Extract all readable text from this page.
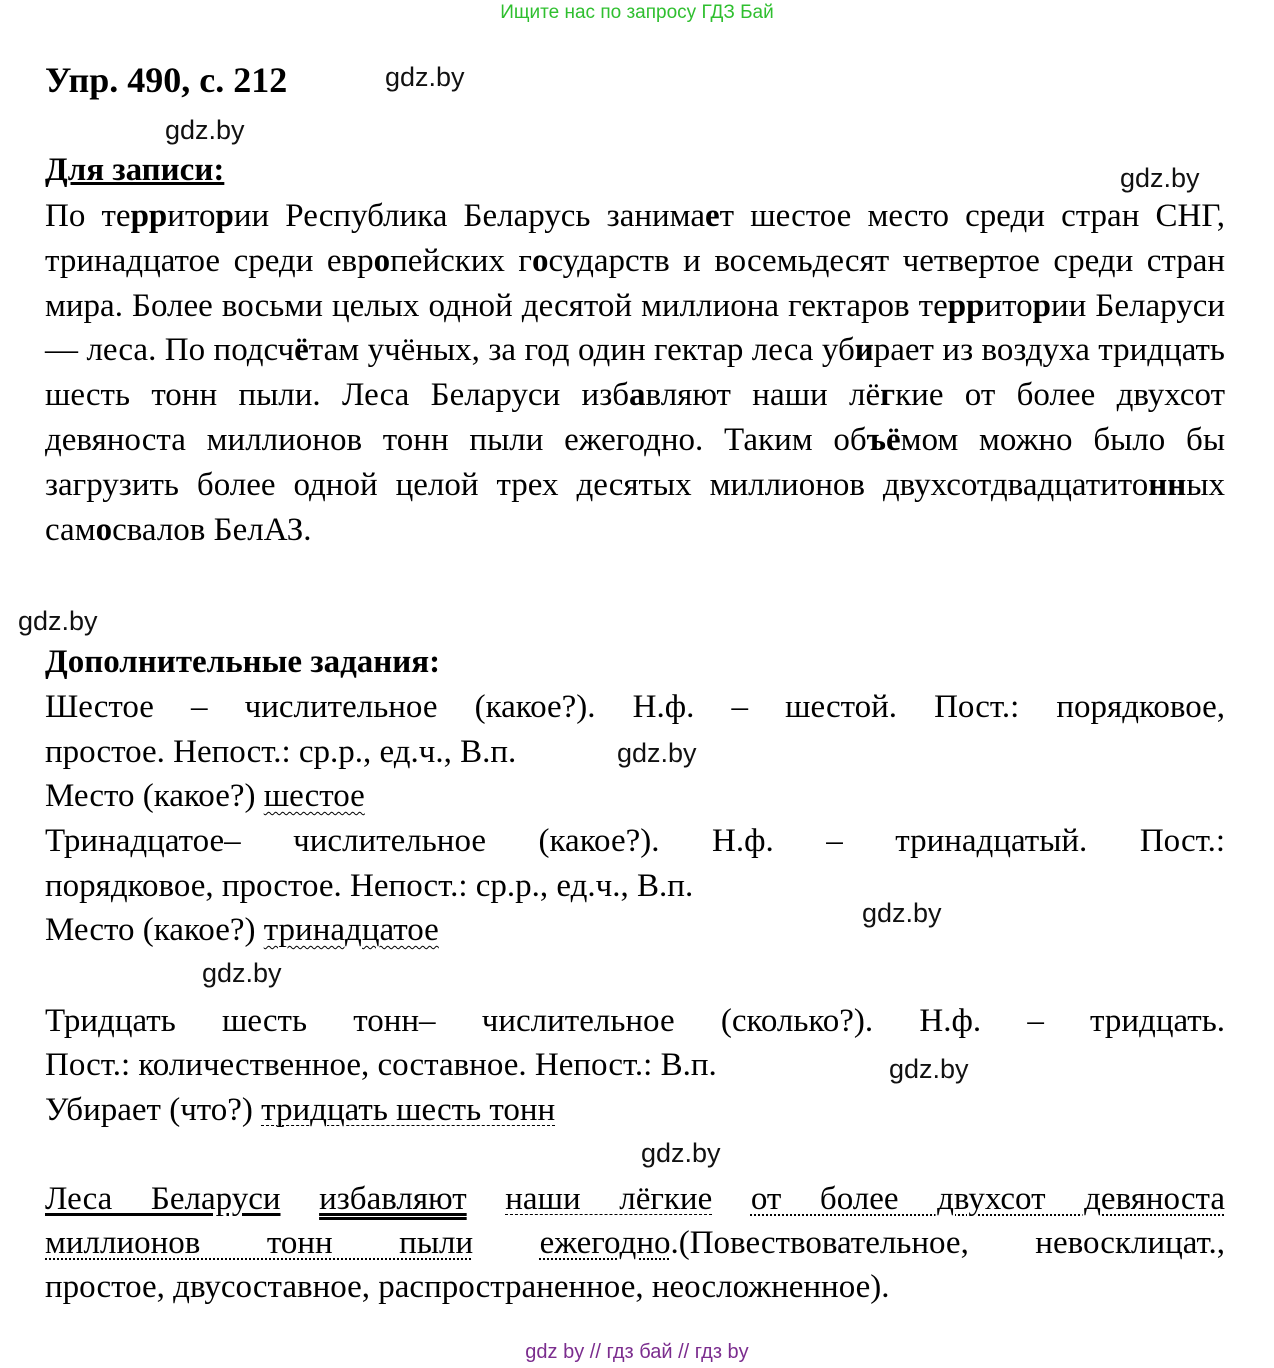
Ищите нас по запросу ГДЗ Бай
Упр. 490, с. 212
Для записи:

По территории Республика Беларусь занимает шестое место среди стран СНГ, тринадцатое среди европейских государств и восемьдесят четвертое среди стран мира. Более восьми целых одной десятой миллиона гектаров территории Беларуси — леса. По подсчётам учёных, за год один гектар леса убирает из воздуха тридцать шесть тонн пыли. Леса Беларуси избавляют наши лёгкие от более двухсот девяноста миллионов тонн пыли ежегодно. Таким объёмом можно было бы загрузить более одной целой трех десятых миллионов двухсотдвадцатитонных самосвалов БелАЗ.

Дополнительные задания:
Шестое – числительное (какое?). Н.ф. – шестой. Пост.: порядковое,
простое. Непост.: ср.р., ед.ч., В.п.
Место (какое?) шестое
Тринадцатое– числительное (какое?). Н.ф. – тринадцатый. Пост.:
порядковое, простое. Непост.: ср.р., ед.ч., В.п.
Место (какое?) тринадцатое
Тридцать шесть тонн– числительное (сколько?). Н.ф. – тридцать.
Пост.: количественное, составное. Непост.: В.п.
Убирает (что?) тридцать шесть тонн
Леса Беларуси избавляют наши лёгкие от более двухсот девяноста
миллионов тонн пыли ежегодно.(Повествовательное, невосклицат.,
простое, двусоставное, распространенное, неосложненное).
gdz.by
gdz.by
gdz.by
gdz.by
gdz.by
gdz.by
gdz.by
gdz.by
gdz.by
gdz by // гдз бай // гдз by
